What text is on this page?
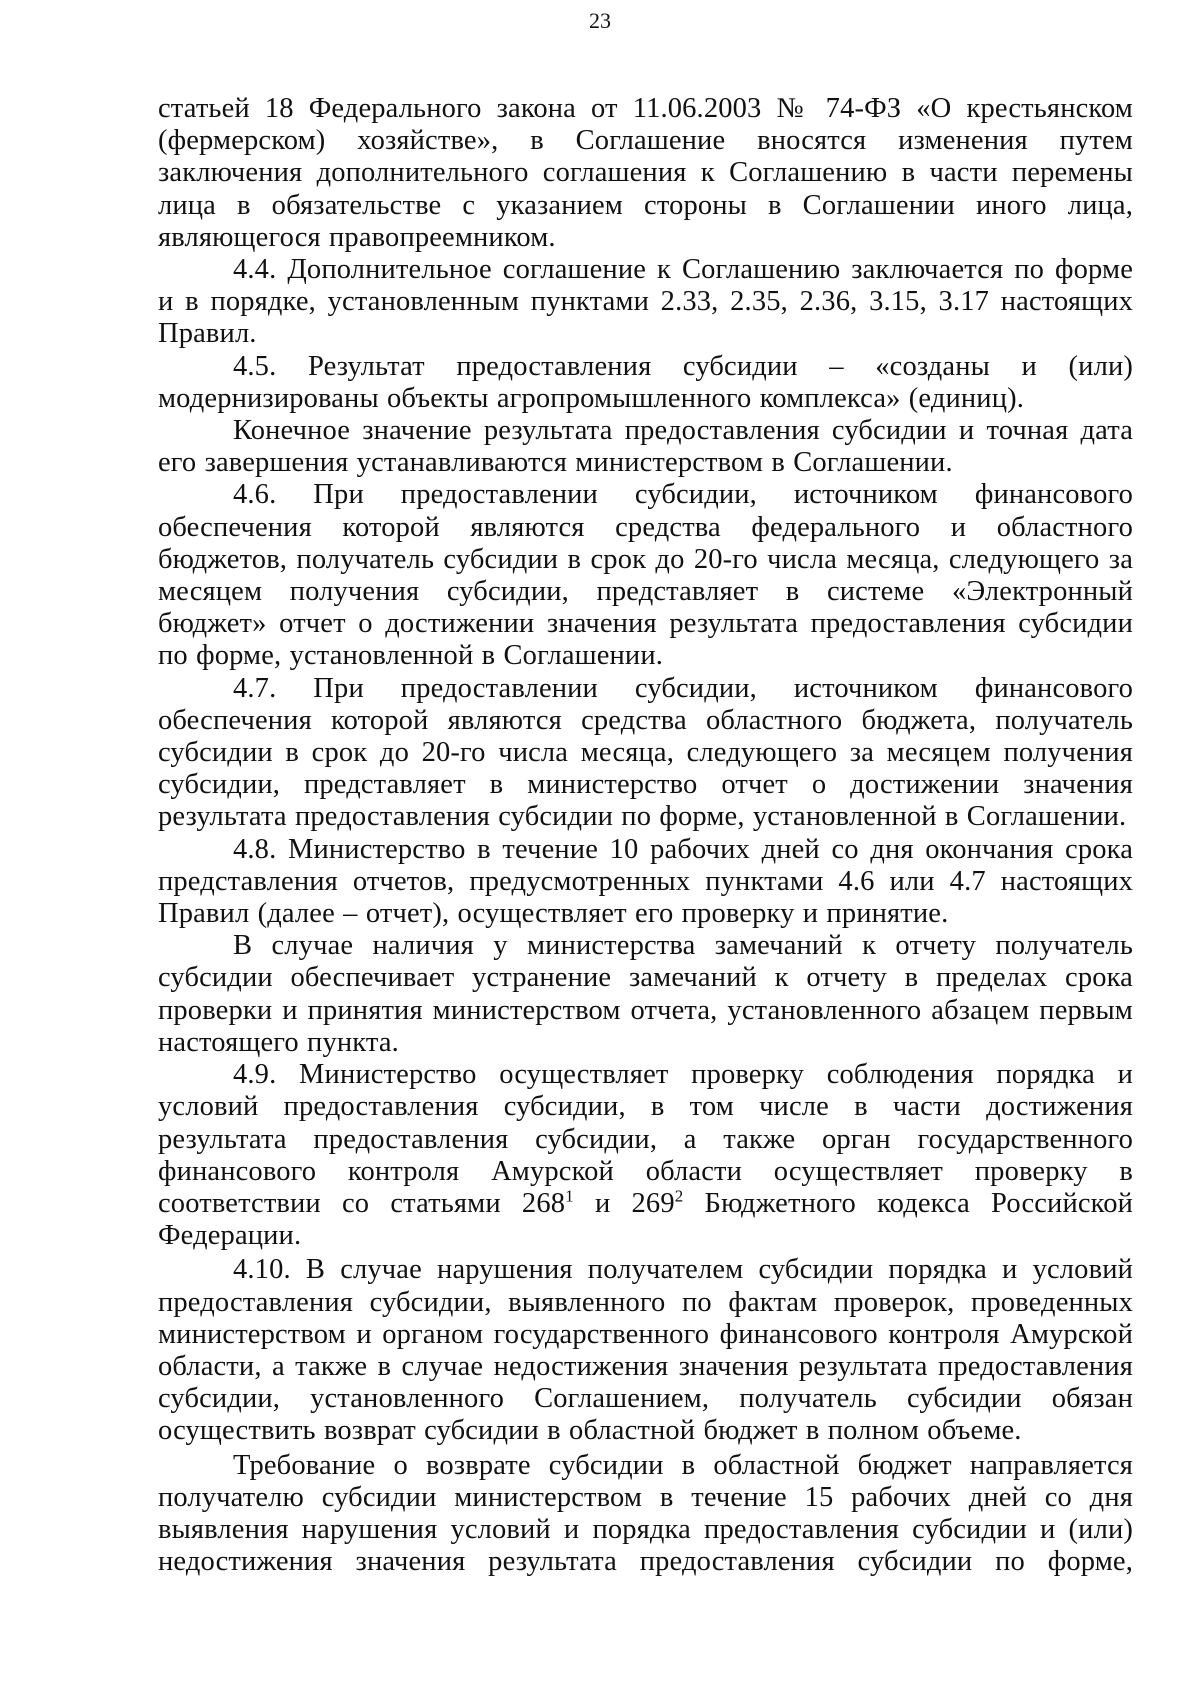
23

статьей 18 Федерального закона от 11.06.2003 № 74-ФЗ «О крестьянском (фермерском) хозяйстве», в Соглашение вносятся изменения путем заключения дополнительного соглашения к Соглашению в части перемены лица в обязательстве с указанием стороны в Соглашении иного лица, являющегося правопреемником.

4.4. Дополнительное соглашение к Соглашению заключается по форме и в порядке, установленным пунктами 2.33, 2.35, 2.36, 3.15, 3.17 настоящих Правил.

4.5. Результат предоставления субсидии – «созданы и (или) модернизированы объекты агропромышленного комплекса» (единиц).

Конечное значение результата предоставления субсидии и точная дата его завершения устанавливаются министерством в Соглашении.

4.6. При предоставлении субсидии, источником финансового обеспечения которой являются средства федерального и областного бюджетов, получатель субсидии в срок до 20-го числа месяца, следующего за месяцем получения субсидии, представляет в системе «Электронный бюджет» отчет о достижении значения результата предоставления субсидии по форме, установленной в Соглашении.

4.7. При предоставлении субсидии, источником финансового обеспечения которой являются средства областного бюджета, получатель субсидии в срок до 20-го числа месяца, следующего за месяцем получения субсидии, представляет в министерство отчет о достижении значения результата предоставления субсидии по форме, установленной в Соглашении.

4.8. Министерство в течение 10 рабочих дней со дня окончания срока представления отчетов, предусмотренных пунктами 4.6 или 4.7 настоящих Правил (далее – отчет), осуществляет его проверку и принятие.

В случае наличия у министерства замечаний к отчету получатель субсидии обеспечивает устранение замечаний к отчету в пределах срока проверки и принятия министерством отчета, установленного абзацем первым настоящего пункта.

4.9. Министерство осуществляет проверку соблюдения порядка и условий предоставления субсидии, в том числе в части достижения результата предоставления субсидии, а также орган государственного финансового контроля Амурской области осуществляет проверку в соответствии со статьями $268^1$ и $269^2$ Бюджетного кодекса Российской Федерации.

4.10. В случае нарушения получателем субсидии порядка и условий предоставления субсидии, выявленного по фактам проверок, проведенных министерством и органом государственного финансового контроля Амурской области, а также в случае недостижения значения результата предоставления субсидии, установленного Соглашением, получатель субсидии обязан осуществить возврат субсидии в областной бюджет в полном объеме.

Требование о возврате субсидии в областной бюджет направляется получателю субсидии министерством в течение 15 рабочих дней со дня выявления нарушения условий и порядка предоставления субсидии и (или) недостижения значения результата предоставления субсидии по форме,
